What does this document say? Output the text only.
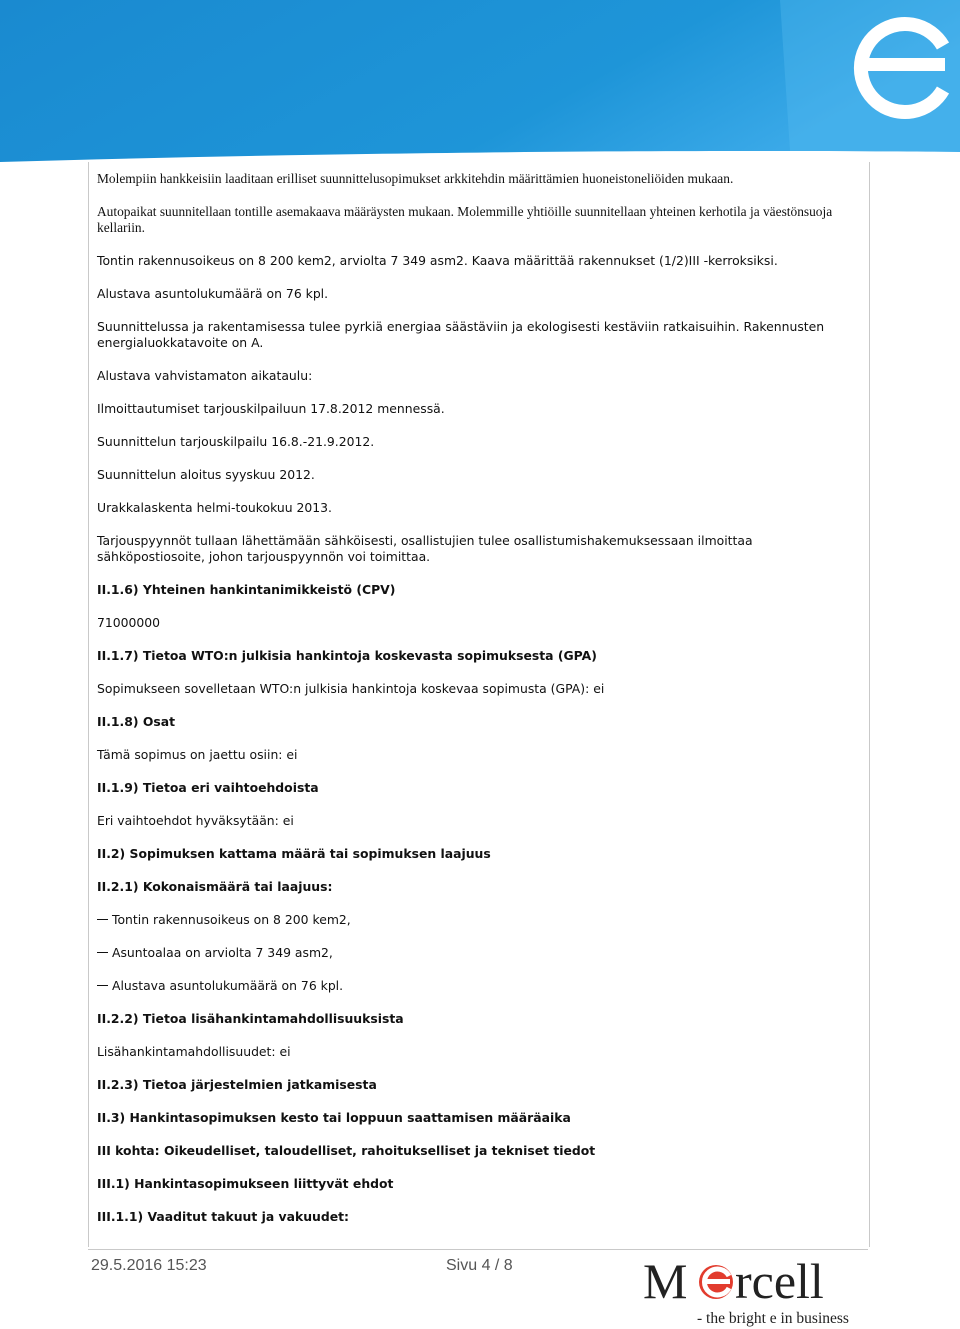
Molempiin hankkeisiin laaditaan erilliset suunnittelusopimukset arkkitehdin määrittämien huoneistoneliöiden mukaan.
Autopaikat suunnitellaan tontille asemakaava määräysten mukaan. Molemmille yhtiöille suunnitellaan yhteinen kerhotila ja väestönsuoja kellariin.
Tontin rakennusoikeus on 8 200 kem2, arviolta 7 349 asm2. Kaava määrittää rakennukset (1/2)III -kerroksiksi.
Alustava asuntolukumäärä on 76 kpl.
Suunnittelussa ja rakentamisessa tulee pyrkiä energiaa säästäviin ja ekologisesti kestäviin ratkaisuihin. Rakennusten energialuokkatavoite on A.
Alustava vahvistamaton aikataulu:
Ilmoittautumiset tarjouskilpailuun 17.8.2012 mennessä.
Suunnittelun tarjouskilpailu 16.8.-21.9.2012.
Suunnittelun aloitus syyskuu 2012.
Urakkalaskenta helmi-toukokuu 2013.
Tarjouspyynnöt tullaan lähettämään sähköisesti, osallistujien tulee osallistumishakemuksessaan ilmoittaa sähköpostiosoite, johon tarjouspyynnön voi toimittaa.
II.1.6) Yhteinen hankintanimikkeistö (CPV)
71000000
II.1.7) Tietoa WTO:n julkisia hankintoja koskevasta sopimuksesta (GPA)
Sopimukseen sovelletaan WTO:n julkisia hankintoja koskevaa sopimusta (GPA): ei
II.1.8) Osat
Tämä sopimus on jaettu osiin: ei
II.1.9) Tietoa eri vaihtoehdoista
Eri vaihtoehdot hyväksytään: ei
II.2) Sopimuksen kattama määrä tai sopimuksen laajuus
II.2.1) Kokonaismäärä tai laajuus:
Tontin rakennusoikeus on 8 200 kem2,
Asuntoalaa on arviolta 7 349 asm2,
Alustava asuntolukumäärä on 76 kpl.
II.2.2) Tietoa lisähankintamahdollisuuksista
Lisähankintamahdollisuudet: ei
II.2.3) Tietoa järjestelmien jatkamisesta
II.3) Hankintasopimuksen kesto tai loppuun saattamisen määräaika
III kohta: Oikeudelliset, taloudelliset, rahoitukselliset ja tekniset tiedot
III.1) Hankintasopimukseen liittyvät ehdot
III.1.1) Vaaditut takuut ja vakuudet:
29.5.2016 15:23	Sivu 4 / 8	M rcell
- the bright e in business
